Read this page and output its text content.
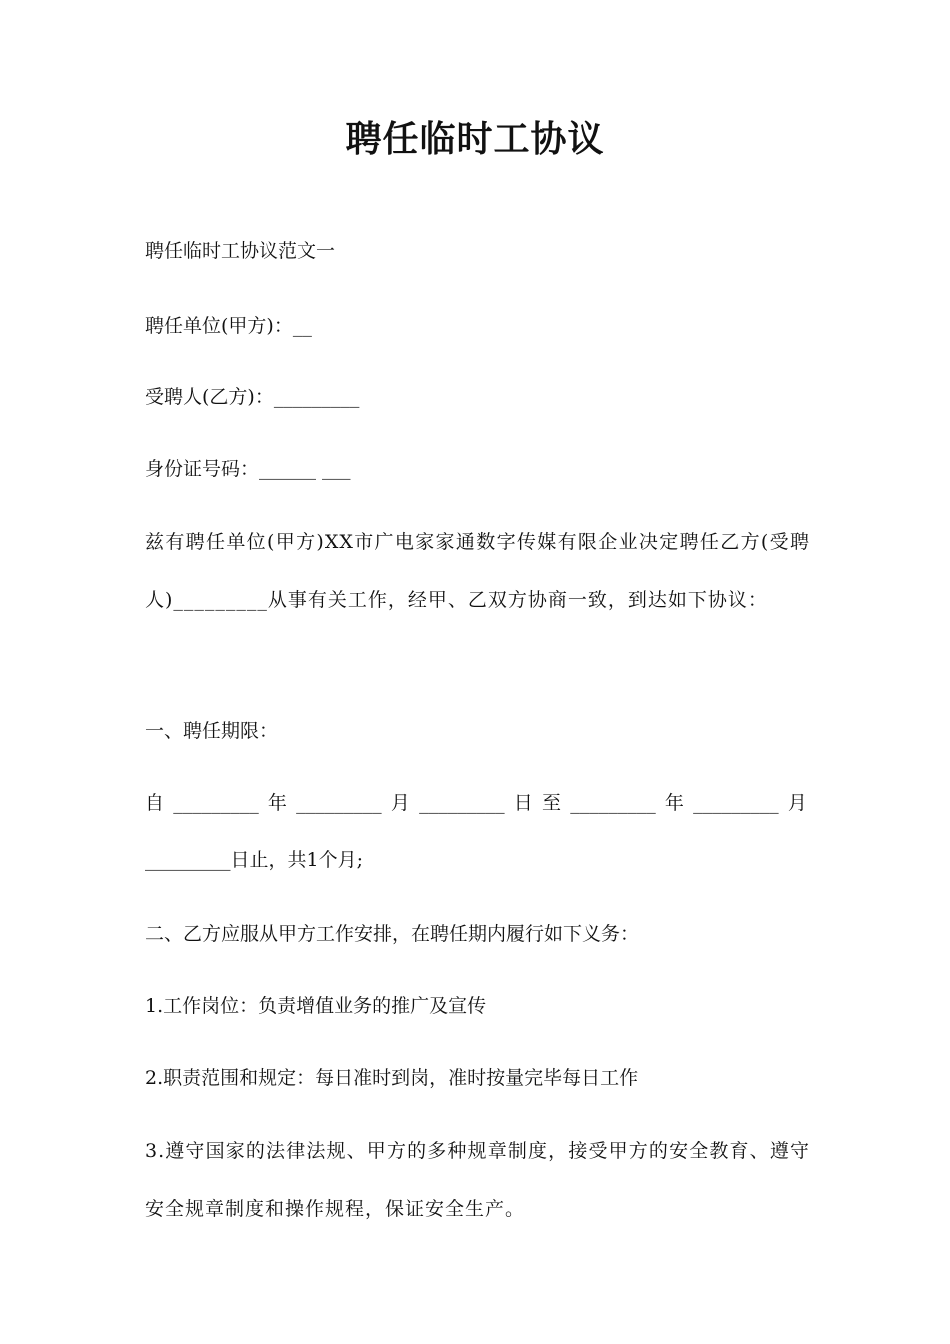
聘任临时工协议
聘任临时工协议范文一
聘任单位(甲方)：__
受聘人(乙方)：_________
身份证号码：______ ___
兹有聘任单位(甲方)XX市广电家家通数字传媒有限企业决定聘任乙方(受聘人)_________从事有关工作，经甲、乙双方协商一致，到达如下协议：
一、聘任期限：
自 _________ 年 _________ 月 _________ 日 至 _________ 年 _________ 月
_________日止，共1个月;
二、乙方应服从甲方工作安排，在聘任期内履行如下义务：
1.工作岗位：负责增值业务的推广及宣传
2.职责范围和规定：每日准时到岗，准时按量完毕每日工作
3.遵守国家的法律法规、甲方的多种规章制度，接受甲方的安全教育、遵守安全规章制度和操作规程，保证安全生产。
